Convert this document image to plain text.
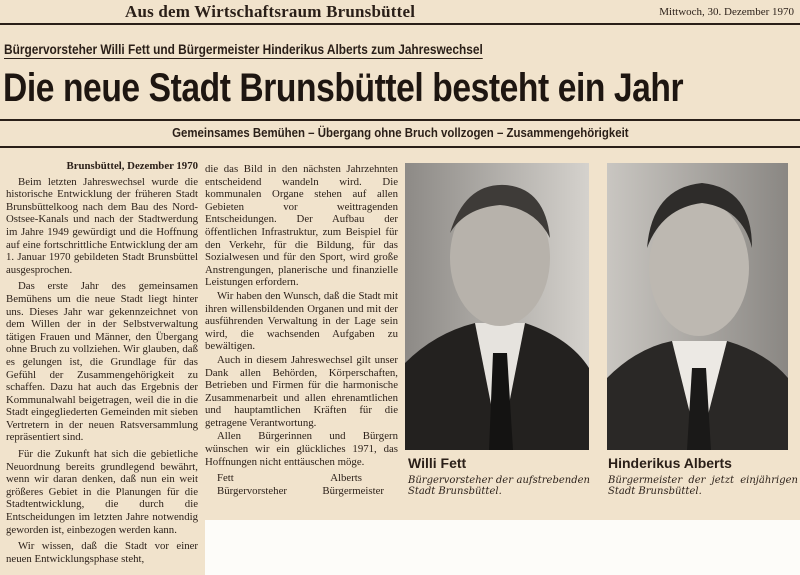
Aus dem Wirtschaftsraum Brunsbüttel	Mittwoch, 30. Dezember 1970
Bürgervorsteher Willi Fett und Bürgermeister Hinderikus Alberts zum Jahreswechsel
Die neue Stadt Brunsbüttel besteht ein Jahr
Gemeinsames Bemühen – Übergang ohne Bruch vollzogen – Zusammengehörigkeit
Brunsbüttel, Dezember 1970

Beim letzten Jahreswechsel wurde die historische Entwicklung der früheren Stadt Brunsbüttelkoog nach dem Bau des Nord-Ostsee-Kanals und nach der Stadtwerdung im Jahre 1949 gewürdigt und die Hoffnung auf eine fortschrittliche Entwicklung der am 1. Januar 1970 gebildeten Stadt Brunsbüttel ausgesprochen.

Das erste Jahr des gemeinsamen Bemühens um die neue Stadt liegt hinter uns. Dieses Jahr war gekennzeichnet von dem Willen der in der Selbstverwaltung tätigen Frauen und Männer, den Übergang ohne Bruch zu vollziehen. Wir glauben, daß es gelungen ist, die Grundlage für das Gefühl der Zusammengehörigkeit zu schaffen. Dazu hat auch das Ergebnis der Kommunalwahl beigetragen, weil die in die Stadt eingegliederten Gemeinden mit sieben Vertretern in der neuen Ratsversammlung repräsentiert sind.

Für die Zukunft hat sich die gebietliche Neuordnung bereits grundlegend bewährt, wenn wir daran denken, daß nun ein weit größeres Gebiet in die Planungen für die Stadtentwicklung, die durch die Entscheidungen im letzten Jahre notwendig geworden ist, einbezogen werden kann.

Wir wissen, daß die Stadt vor einer neuen Entwicklungsphase steht,

die das Bild in den nächsten Jahrzehnten entscheidend wandeln wird. Die kommunalen Organe stehen auf allen Gebieten vor weittragenden Entscheidungen. Der Aufbau der öffentlichen Infrastruktur, zum Beispiel für den Verkehr, für die Bildung, für das Sozialwesen und für den Sport, wird große Anstrengungen, planerische und finanzielle Leistungen erfordern.

Wir haben den Wunsch, daß die Stadt mit ihren willensbildenden Organen und mit der ausführenden Verwaltung in der Lage sein wird, die wachsenden Aufgaben zu bewältigen.

Auch in diesem Jahreswechsel gilt unser Dank allen Behörden, Körperschaften, Betrieben und Firmen für die harmonische Zusammenarbeit und allen ehrenamtlichen und hauptamtlichen Kräften für die getragene Verantwortung.

Allen Bürgerinnen und Bürgern wünschen wir ein glückliches 1971, das Hoffnungen nicht enttäuschen möge.

Fett	Alberts
Bürgervorsteher	Bürgermeister
Willi Fett
Bürgervorsteher der aufstrebenden Stadt Brunsbüttel.
Hinderikus Alberts
Bürgermeister der jetzt einjährigen Stadt Brunsbüttel.
